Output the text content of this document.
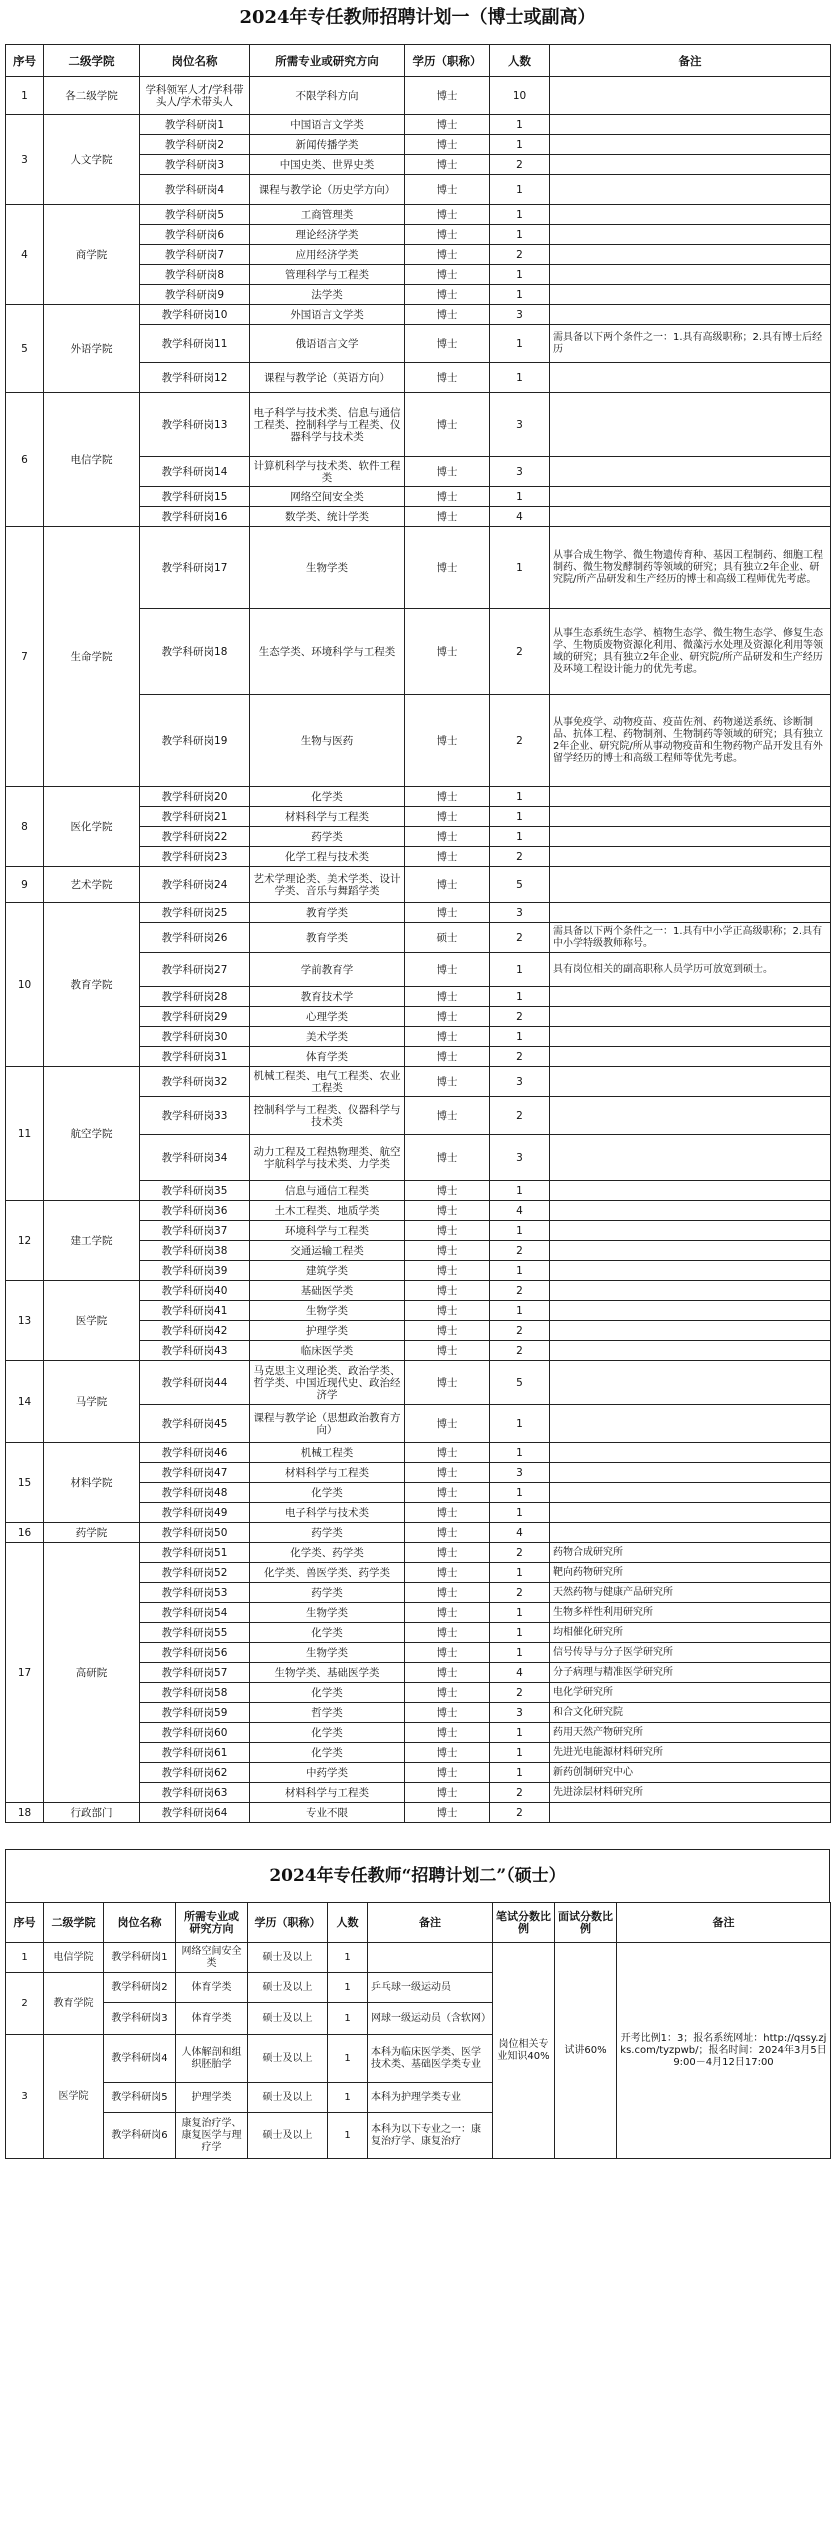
2024年专任教师招聘计划一（博士或副高）
序号	二级学院	岗位名称	所需专业或研究方向	学历（职称）	人数	备注
1	各二级学院	学科领军人才/学科带头人/学术带头人	不限学科方向	博士	10	
3	人文学院	教学科研岗1	中国语言文学类	博士	1	
		教学科研岗2	新闻传播学类	博士	1	
		教学科研岗3	中国史类、世界史类	博士	2	
		教学科研岗4	课程与教学论（历史学方向）	博士	1	
4	商学院	教学科研岗5	工商管理类	博士	1	
		教学科研岗6	理论经济学类	博士	1	
		教学科研岗7	应用经济学类	博士	2	
		教学科研岗8	管理科学与工程类	博士	1	
		教学科研岗9	法学类	博士	1	
5	外语学院	教学科研岗10	外国语言文学类	博士	3	
		教学科研岗11	俄语语言文学	博士	1	需具备以下两个条件之一：1.具有高级职称；2.具有博士后经历
		教学科研岗12	课程与教学论（英语方向）	博士	1	
6	电信学院	教学科研岗13	电子科学与技术类、信息与通信工程类、控制科学与工程类、仪器科学与技术类	博士	3	
		教学科研岗14	计算机科学与技术类、软件工程类	博士	3	
		教学科研岗15	网络空间安全类	博士	1	
		教学科研岗16	数学类、统计学类	博士	4	
7	生命学院	教学科研岗17	生物学类	博士	1	从事合成生物学、微生物遗传育种、基因工程制药、细胞工程制药、微生物发酵制药等领域的研究；具有独立2年企业、研究院/所产品研发和生产经历的博士和高级工程师优先考虑。
		教学科研岗18	生态学类、环境科学与工程类	博士	2	从事生态系统生态学、植物生态学、微生物生态学、修复生态学、生物质废物资源化利用、微藻污水处理及资源化利用等领域的研究；具有独立2年企业、研究院/所产品研发和生产经历及环境工程设计能力的优先考虑。
		教学科研岗19	生物与医药	博士	2	从事免疫学、动物疫苗、疫苗佐剂、药物递送系统、诊断制品、抗体工程、药物制剂、生物制药等领域的研究；具有独立2年企业、研究院/所从事动物疫苗和生物药物产品开发且有外留学经历的博士和高级工程师等优先考虑。
8	医化学院	教学科研岗20	化学类	博士	1	
		教学科研岗21	材料科学与工程类	博士	1	
		教学科研岗22	药学类	博士	1	
		教学科研岗23	化学工程与技术类	博士	2	
9	艺术学院	教学科研岗24	艺术学理论类、美术学类、设计学类、音乐与舞蹈学类	博士	5	
10	教育学院	教学科研岗25	教育学类	博士	3	
		教学科研岗26	教育学类	硕士	2	需具备以下两个条件之一：1.具有中小学正高级职称；2.具有中小学特级教师称号。
		教学科研岗27	学前教育学	博士	1	具有岗位相关的副高职称人员学历可放宽到硕士。
		教学科研岗28	教育技术学	博士	1	
		教学科研岗29	心理学类	博士	2	
		教学科研岗30	美术学类	博士	1	
		教学科研岗31	体育学类	博士	2	
11	航空学院	教学科研岗32	机械工程类、电气工程类、农业工程类	博士	3	
		教学科研岗33	控制科学与工程类、仪器科学与技术类	博士	2	
		教学科研岗34	动力工程及工程热物理类、航空宇航科学与技术类、力学类	博士	3	
		教学科研岗35	信息与通信工程类	博士	1	
12	建工学院	教学科研岗36	土木工程类、地质学类	博士	4	
		教学科研岗37	环境科学与工程类	博士	1	
		教学科研岗38	交通运输工程类	博士	2	
		教学科研岗39	建筑学类	博士	1	
13	医学院	教学科研岗40	基础医学类	博士	2	
		教学科研岗41	生物学类	博士	1	
		教学科研岗42	护理学类	博士	2	
		教学科研岗43	临床医学类	博士	2	
14	马学院	教学科研岗44	马克思主义理论类、政治学类、哲学类、中国近现代史、政治经济学	博士	5	
		教学科研岗45	课程与教学论（思想政治教育方向）	博士	1	
15	材料学院	教学科研岗46	机械工程类	博士	1	
		教学科研岗47	材料科学与工程类	博士	3	
		教学科研岗48	化学类	博士	1	
		教学科研岗49	电子科学与技术类	博士	1	
16	药学院	教学科研岗50	药学类	博士	4	
17	高研院	教学科研岗51	化学类、药学类	博士	2	药物合成研究所
		教学科研岗52	化学类、兽医学类、药学类	博士	1	靶向药物研究所
		教学科研岗53	药学类	博士	2	天然药物与健康产品研究所
		教学科研岗54	生物学类	博士	1	生物多样性利用研究所
		教学科研岗55	化学类	博士	1	均相催化研究所
		教学科研岗56	生物学类	博士	1	信号传导与分子医学研究所
		教学科研岗57	生物学类、基础医学类	博士	4	分子病理与精准医学研究所
		教学科研岗58	化学类	博士	2	电化学研究所
		教学科研岗59	哲学类	博士	3	和合文化研究院
		教学科研岗60	化学类	博士	1	药用天然产物研究所
		教学科研岗61	化学类	博士	1	先进光电能源材料研究所
		教学科研岗62	中药学类	博士	1	新药创制研究中心
		教学科研岗63	材料科学与工程类	博士	2	先进涂层材料研究所
18	行政部门	教学科研岗64	专业不限	博士	2	
2024年专任教师“招聘计划二”（硕士）
序号	二级学院	岗位名称	所需专业或研究方向	学历（职称）	人数	备注	笔试分数比例	面试分数比例	备注
1	电信学院	教学科研岗1	网络空间安全类	硕士及以上	1		岗位相关专业知识40%	试讲60%	开考比例1：3；报名系统网址：http://qssy.zjks.com/tyzpwb/；报名时间：2024年3月5日9:00－4月12日17:00
2	教育学院	教学科研岗2	体育学类	硕士及以上	1	乒乓球一级运动员			
		教学科研岗3	体育学类	硕士及以上	1	网球一级运动员（含软网）			
3	医学院	教学科研岗4	人体解剖和组织胚胎学	硕士及以上	1	本科为临床医学类、医学技术类、基础医学类专业			
		教学科研岗5	护理学类	硕士及以上	1	本科为护理学类专业			
		教学科研岗6	康复治疗学、康复医学与理疗学	硕士及以上	1	本科为以下专业之一：康复治疗学、康复治疗			
